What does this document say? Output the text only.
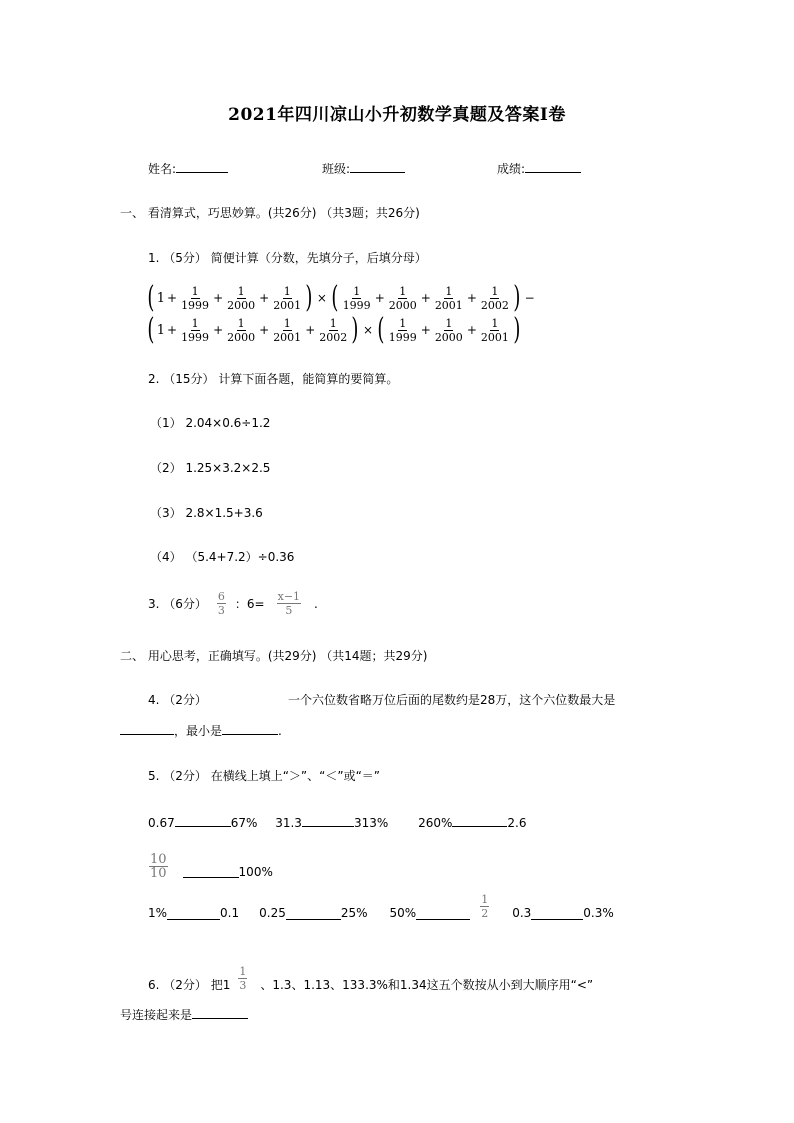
2021年四川凉山小升初数学真题及答案Ⅰ卷
姓名:	班级:	成绩:
一、 看清算式，巧思妙算。(共26分) （共3题；共26分)
1. （5分） 简便计算（分数，先填分子，后填分母）
( $1 + \frac{1}{1999} + \frac{1}{2000} + \frac{1}{2001}$ ) × ( $\frac{1}{1999} + \frac{1}{2000} + \frac{1}{2001} + \frac{1}{2002}$ ) −
( $1 + \frac{1}{1999} + \frac{1}{2000} + \frac{1}{2001} + \frac{1}{2002}$ ) × ( $\frac{1}{1999} + \frac{1}{2000} + \frac{1}{2001}$ )
2. （15分） 计算下面各题，能简算的要简算。
（1） 2.04×0.6÷1.2
（2） 1.25×3.2×2.5
（3） 2.8×1.5+3.6
（4） （5.4+7.2）÷0.36
3. （6分） $\frac{6}{3}$ ：$6= \frac{x-1}{5}$ .
二、 用心思考，正确填写。(共29分) （共14题；共29分)
4. （2分）	一个六位数省略万位后面的尾数约是28万，这个六位数最大是
，最小是	.
5. （2分） 在横线上填上“＞”、“＜”或“＝”
0.67	67% 31.3	313% 260%	2.6
$\frac{10}{10}$	100%
1%	0.1 0.25	25% 50%	$\frac{1}{2} 0.3$	0.3%
6. （2分） 把$1 \frac{1}{3}$ 、1.3、1.13、133.3%和1.34这五个数按从小到大顺序用“<”
号连接起来是
